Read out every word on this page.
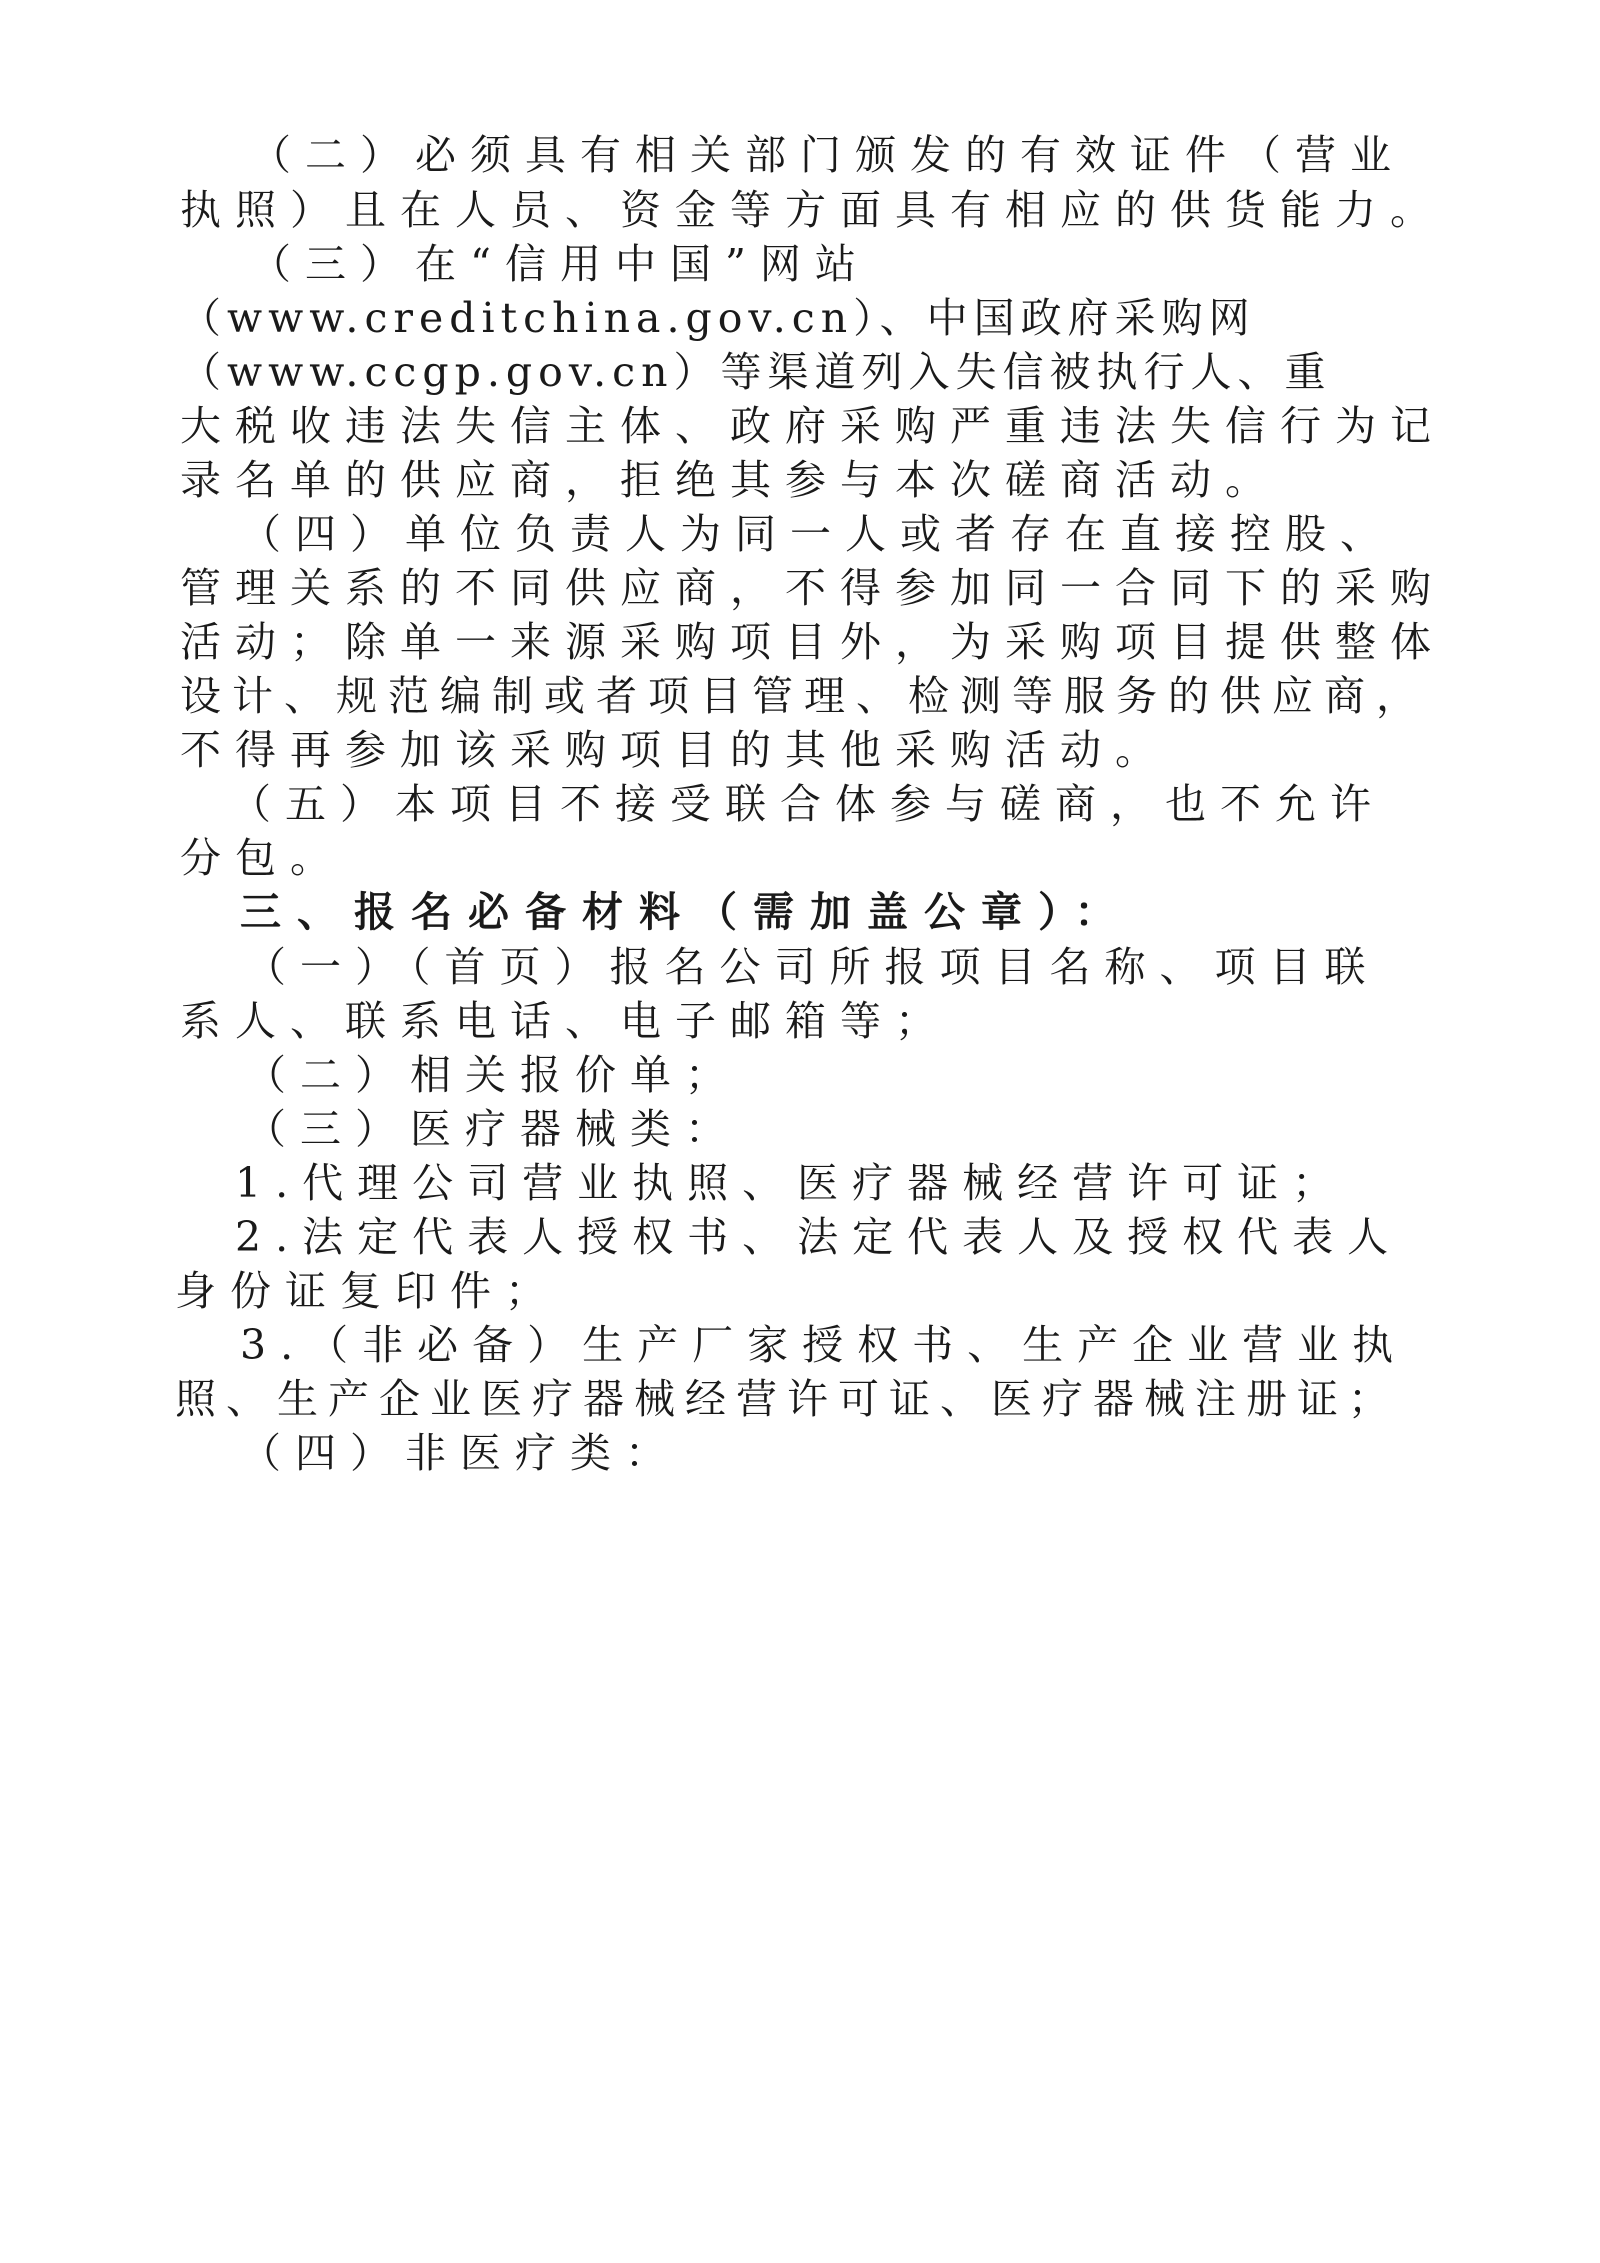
（二）必须具有相关部门颁发的有效证件（营业

执照）且在人员、资金等方面具有相应的供货能力。

（三）在“信用中国”网站

（www.creditchina.gov.cn）、中国政府采购网

（www.ccgp.gov.cn）等渠道列入失信被执行人、重

大税收违法失信主体、政府采购严重违法失信行为记

录名单的供应商，拒绝其参与本次磋商活动。

（四）单位负责人为同一人或者存在直接控股、

管理关系的不同供应商，不得参加同一合同下的采购

活动；除单一来源采购项目外，为采购项目提供整体

设计、规范编制或者项目管理、检测等服务的供应商，

不得再参加该采购项目的其他采购活动。

（五）本项目不接受联合体参与磋商，也不允许

分包。

三、报名必备材料（需加盖公章）：

（一）（首页）报名公司所报项目名称、项目联

系人、联系电话、电子邮箱等；

（二）相关报价单；

（三）医疗器械类：

1.代理公司营业执照、医疗器械经营许可证；

2.法定代表人授权书、法定代表人及授权代表人

身份证复印件；

3.（非必备）生产厂家授权书、生产企业营业执

照、生产企业医疗器械经营许可证、医疗器械注册证；

（四）非医疗类：
